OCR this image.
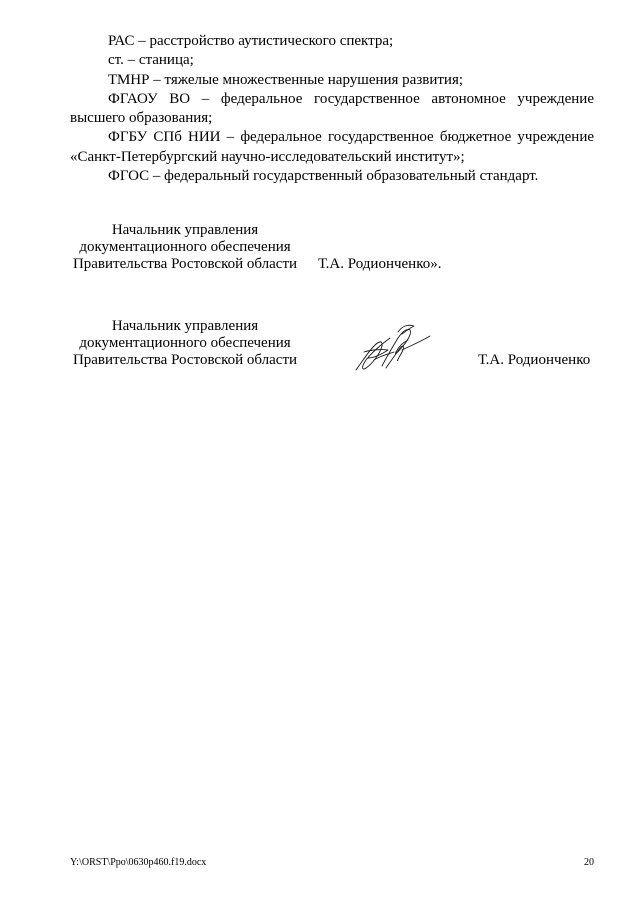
РАС – расстройство аутистического спектра;

ст. – станица;

ТМНР – тяжелые множественные нарушения развития;

ФГАОУ ВО – федеральное государственное автономное учреждение высшего образования;

ФГБУ СПб НИИ – федеральное государственное бюджетное учреждение «Санкт-Петербургский научно-исследовательский институт»;

ФГОС – федеральный государственный образовательный стандарт.

Начальник управления
документационного обеспечения
Правительства Ростовской области Т.А. Родионченко».
Начальник управления
документационного обеспечения
Правительства Ростовской области	Т.А. Родионченко
Y:\ORST\Ppo\0630p460.f19.docx	20
